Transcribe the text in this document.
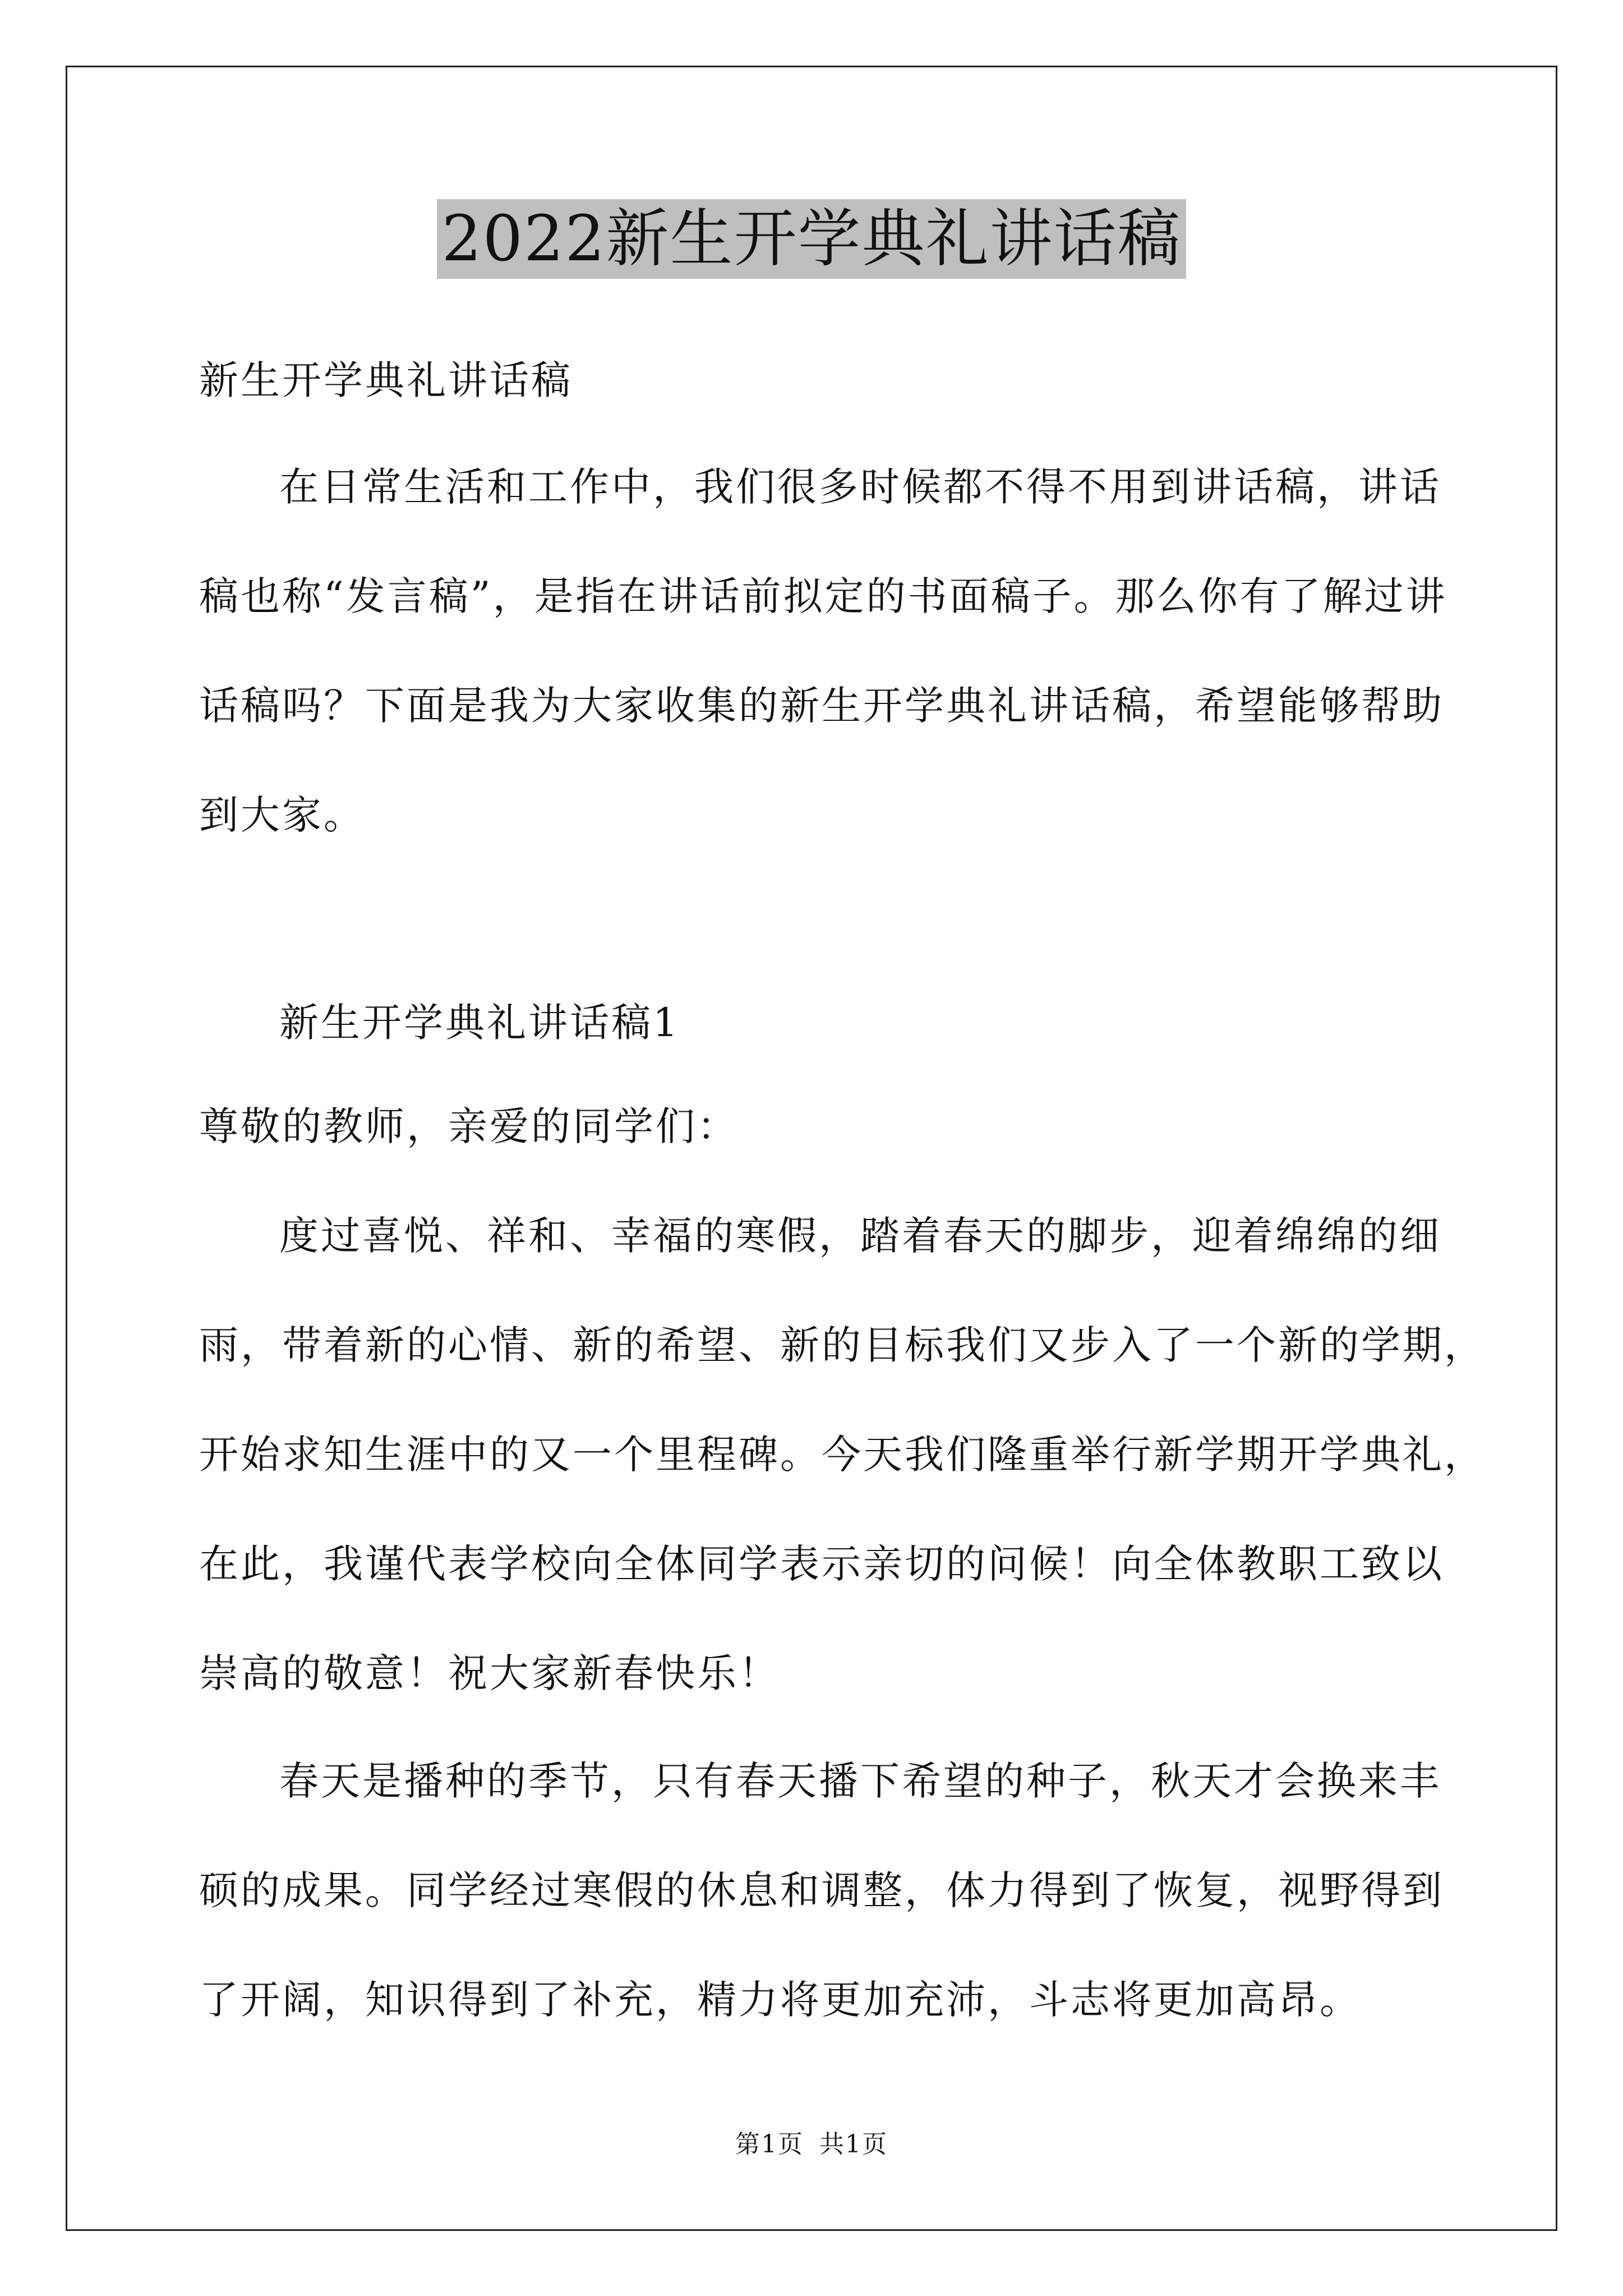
2022新生开学典礼讲话稿
新生开学典礼讲话稿
在日常生活和工作中，我们很多时候都不得不用到讲话稿，讲话
稿也称“发言稿”，是指在讲话前拟定的书面稿子。那么你有了解过讲
话稿吗？下面是我为大家收集的新生开学典礼讲话稿，希望能够帮助
到大家。
新生开学典礼讲话稿1
尊敬的教师，亲爱的同学们：
度过喜悦、祥和、幸福的寒假，踏着春天的脚步，迎着绵绵的细
雨，带着新的心情、新的希望、新的目标我们又步入了一个新的学期，
开始求知生涯中的又一个里程碑。今天我们隆重举行新学期开学典礼，
在此，我谨代表学校向全体同学表示亲切的问候！向全体教职工致以
崇高的敬意！祝大家新春快乐！
春天是播种的季节，只有春天播下希望的种子，秋天才会换来丰
硕的成果。同学经过寒假的休息和调整，体力得到了恢复，视野得到
了开阔，知识得到了补充，精力将更加充沛，斗志将更加高昂。
第1页 共1页
